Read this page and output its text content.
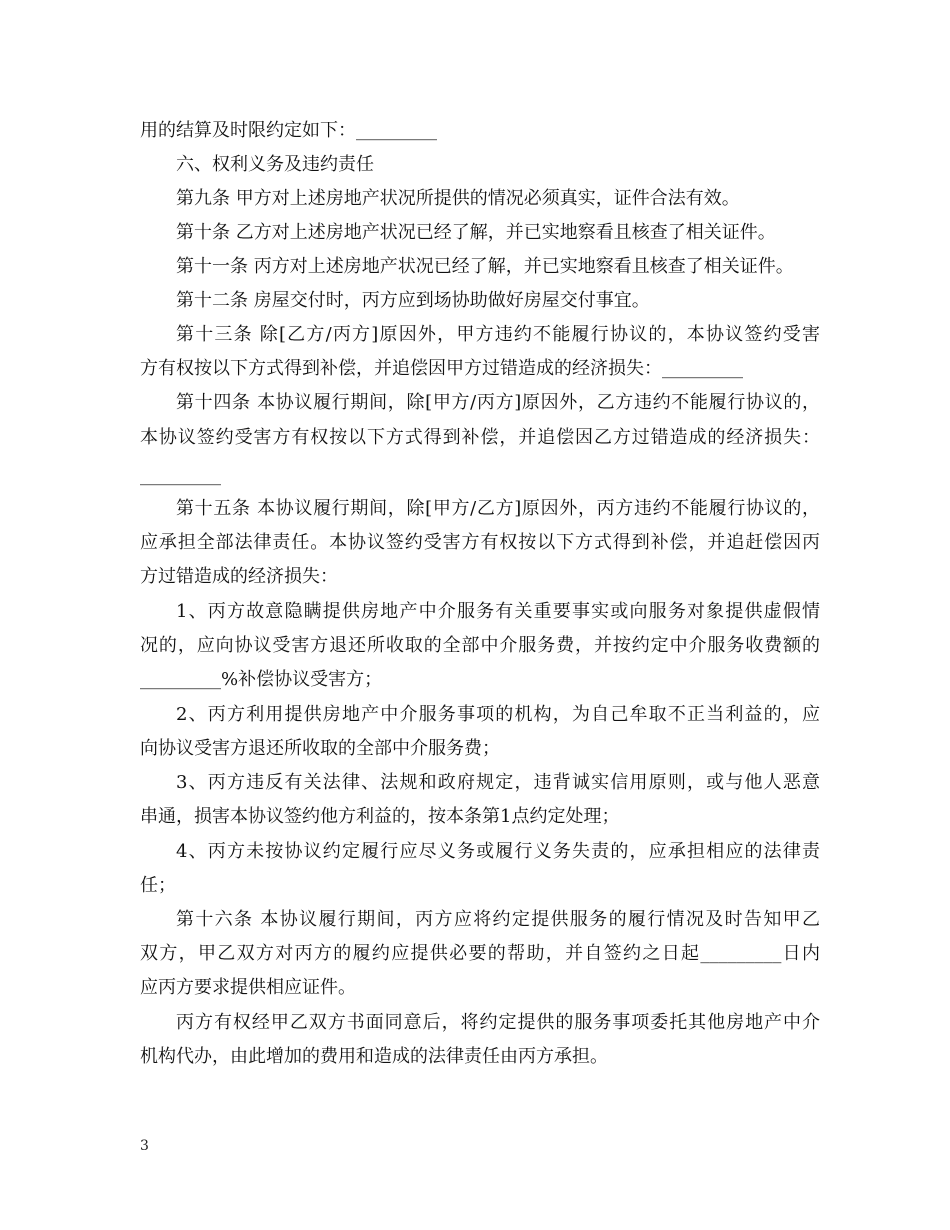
用的结算及时限约定如下：_________
六、权利义务及违约责任
第九条 甲方对上述房地产状况所提供的情况必须真实，证件合法有效。
第十条 乙方对上述房地产状况已经了解，并已实地察看且核查了相关证件。
第十一条 丙方对上述房地产状况已经了解，并已实地察看且核查了相关证件。
第十二条 房屋交付时，丙方应到场协助做好房屋交付事宜。
第十三条 除[乙方/丙方]原因外，甲方违约不能履行协议的，本协议签约受害
方有权按以下方式得到补偿，并追偿因甲方过错造成的经济损失：_________
第十四条 本协议履行期间，除[甲方/丙方]原因外，乙方违约不能履行协议的，
本协议签约受害方有权按以下方式得到补偿，并追偿因乙方过错造成的经济损失：
_________
第十五条 本协议履行期间，除[甲方/乙方]原因外，丙方违约不能履行协议的，
应承担全部法律责任。本协议签约受害方有权按以下方式得到补偿，并追赶偿因丙
方过错造成的经济损失：
1、丙方故意隐瞒提供房地产中介服务有关重要事实或向服务对象提供虚假情
况的，应向协议受害方退还所收取的全部中介服务费，并按约定中介服务收费额的
_________%补偿协议受害方；
2、丙方利用提供房地产中介服务事项的机构，为自己牟取不正当利益的，应
向协议受害方退还所收取的全部中介服务费；
3、丙方违反有关法律、法规和政府规定，违背诚实信用原则，或与他人恶意
串通，损害本协议签约他方利益的，按本条第1点约定处理；
4、丙方未按协议约定履行应尽义务或履行义务失责的，应承担相应的法律责
任；
第十六条 本协议履行期间，丙方应将约定提供服务的履行情况及时告知甲乙
双方，甲乙双方对丙方的履约应提供必要的帮助，并自签约之日起_________日内
应丙方要求提供相应证件。
丙方有权经甲乙双方书面同意后，将约定提供的服务事项委托其他房地产中介
机构代办，由此增加的费用和造成的法律责任由丙方承担。
3
